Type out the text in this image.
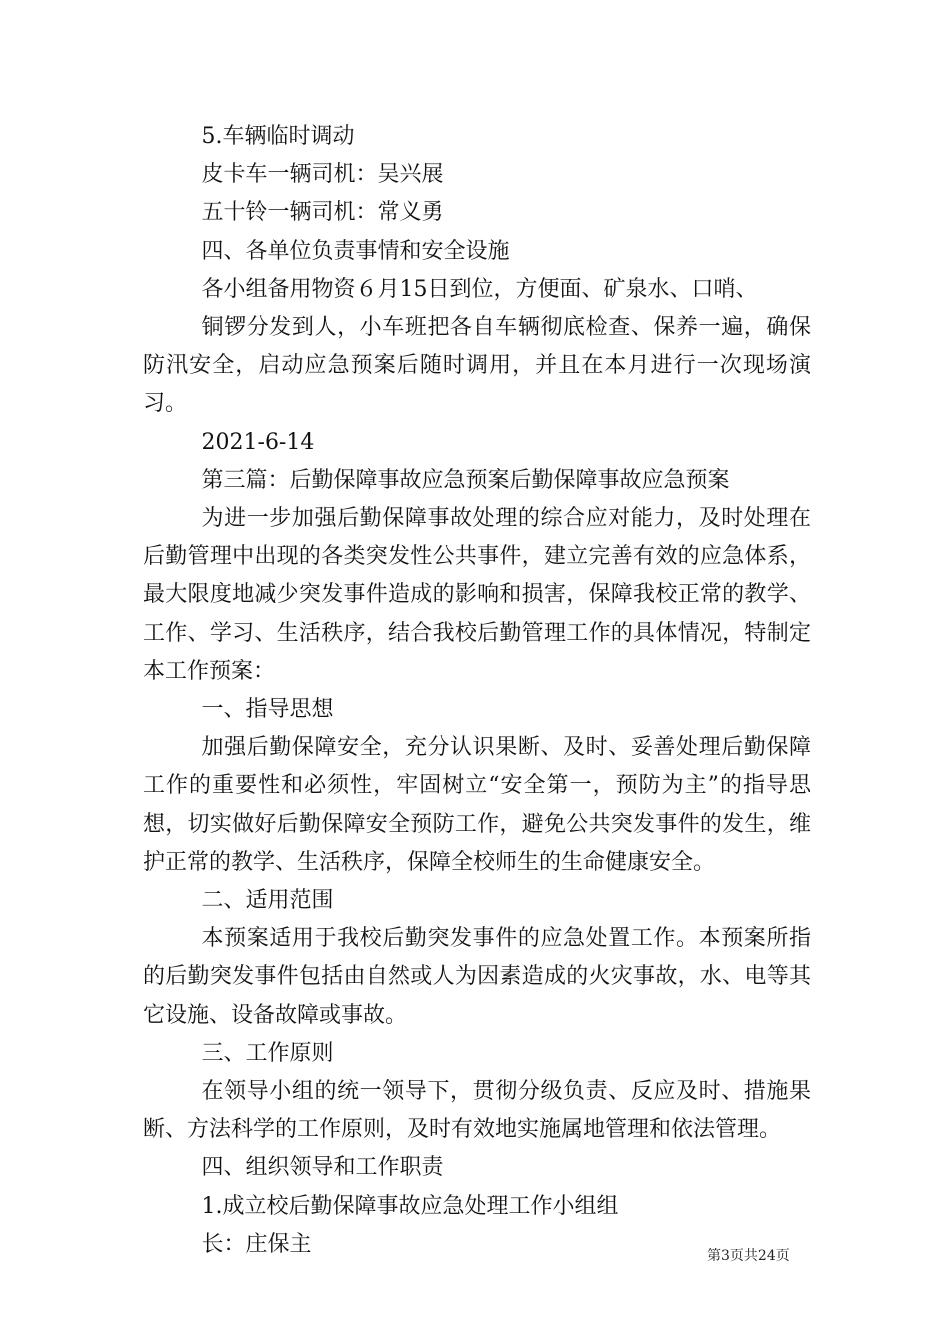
5.车辆临时调动

皮卡车一辆司机：吴兴展

五十铃一辆司机：常义勇

四、各单位负责事情和安全设施

各小组备用物资６月15日到位，方便面、矿泉水、口哨、

铜锣分发到人，小车班把各自车辆彻底检查、保养一遍，确保防汛安全，启动应急预案后随时调用，并且在本月进行一次现场演习。

2021-6-14

第三篇：后勤保障事故应急预案后勤保障事故应急预案

为进一步加强后勤保障事故处理的综合应对能力，及时处理在后勤管理中出现的各类突发性公共事件，建立完善有效的应急体系，最大限度地减少突发事件造成的影响和损害，保障我校正常的教学、工作、学习、生活秩序，结合我校后勤管理工作的具体情况，特制定本工作预案：

一、指导思想

加强后勤保障安全，充分认识果断、及时、妥善处理后勤保障工作的重要性和必须性，牢固树立“安全第一，预防为主”的指导思想，切实做好后勤保障安全预防工作，避免公共突发事件的发生，维护正常的教学、生活秩序，保障全校师生的生命健康安全。

二、适用范围

本预案适用于我校后勤突发事件的应急处置工作。本预案所指的后勤突发事件包括由自然或人为因素造成的火灾事故，水、电等其它设施、设备故障或事故。

三、工作原则

在领导小组的统一领导下，贯彻分级负责、反应及时、措施果断、方法科学的工作原则，及时有效地实施属地管理和依法管理。

四、组织领导和工作职责

1.成立校后勤保障事故应急处理工作小组组

长：庄保主	第3页共24页
